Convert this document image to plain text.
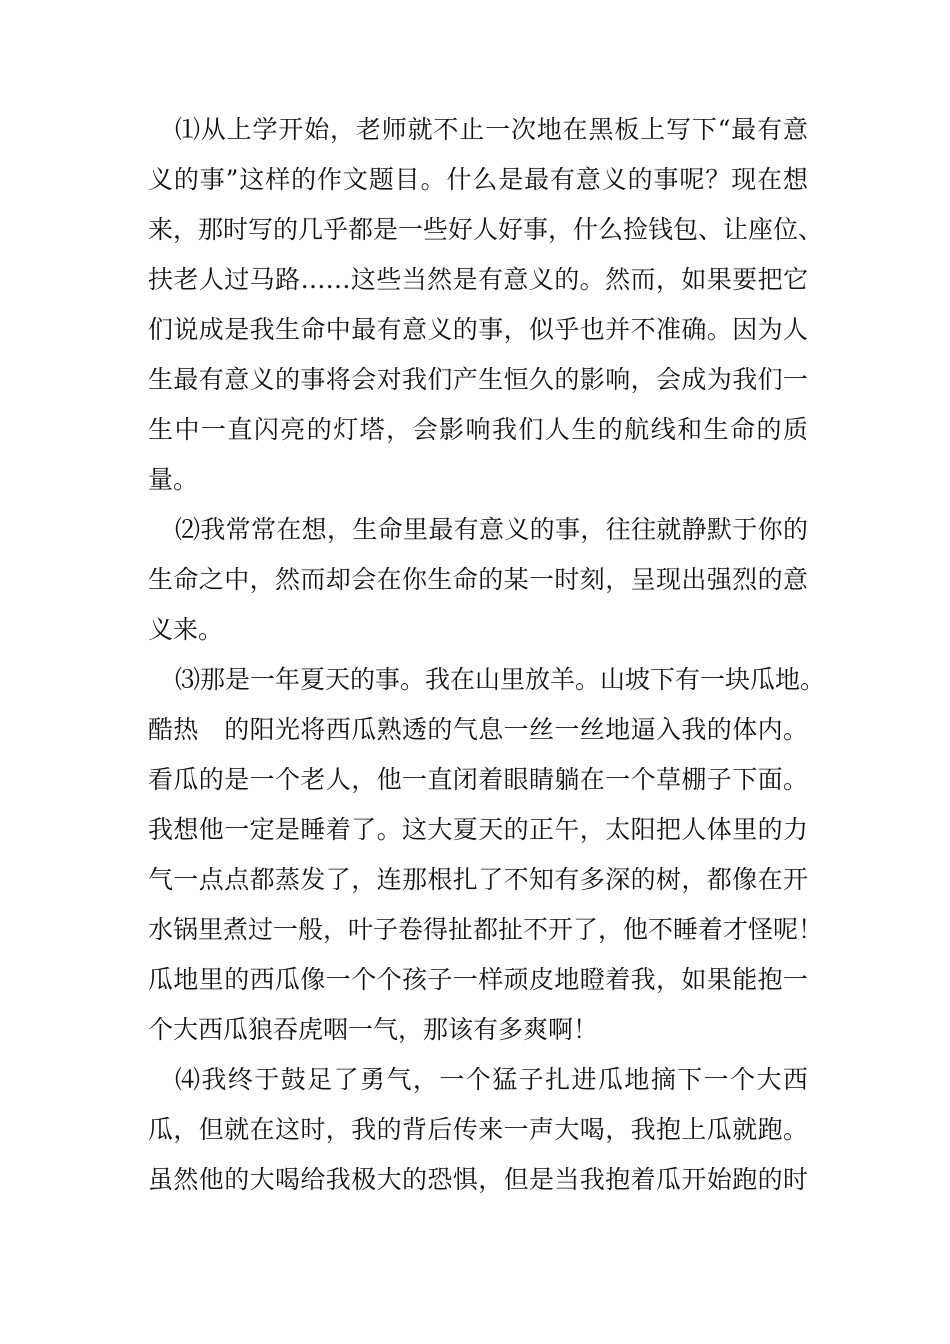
⑴从上学开始，老师就不止一次地在黑板上写下“最有意
义的事”这样的作文题目。什么是最有意义的事呢？现在想
来，那时写的几乎都是一些好人好事，什么捡钱包、让座位、
扶老人过马路……这些当然是有意义的。然而，如果要把它
们说成是我生命中最有意义的事，似乎也并不准确。因为人
生最有意义的事将会对我们产生恒久的影响，会成为我们一
生中一直闪亮的灯塔，会影响我们人生的航线和生命的质
量。
⑵我常常在想，生命里最有意义的事，往往就静默于你的
生命之中，然而却会在你生命的某一时刻，呈现出强烈的意
义来。
⑶那是一年夏天的事。我在山里放羊。山坡下有一块瓜地。
酷热　的阳光将西瓜熟透的气息一丝一丝地逼入我的体内。
看瓜的是一个老人，他一直闭着眼睛躺在一个草棚子下面。
我想他一定是睡着了。这大夏天的正午，太阳把人体里的力
气一点点都蒸发了，连那根扎了不知有多深的树，都像在开
水锅里煮过一般，叶子卷得扯都扯不开了，他不睡着才怪呢！
瓜地里的西瓜像一个个孩子一样顽皮地瞪着我，如果能抱一
个大西瓜狼吞虎咽一气，那该有多爽啊！
⑷我终于鼓足了勇气，一个猛子扎进瓜地摘下一个大西
瓜，但就在这时，我的背后传来一声大喝，我抱上瓜就跑。
虽然他的大喝给我极大的恐惧，但是当我抱着瓜开始跑的时
